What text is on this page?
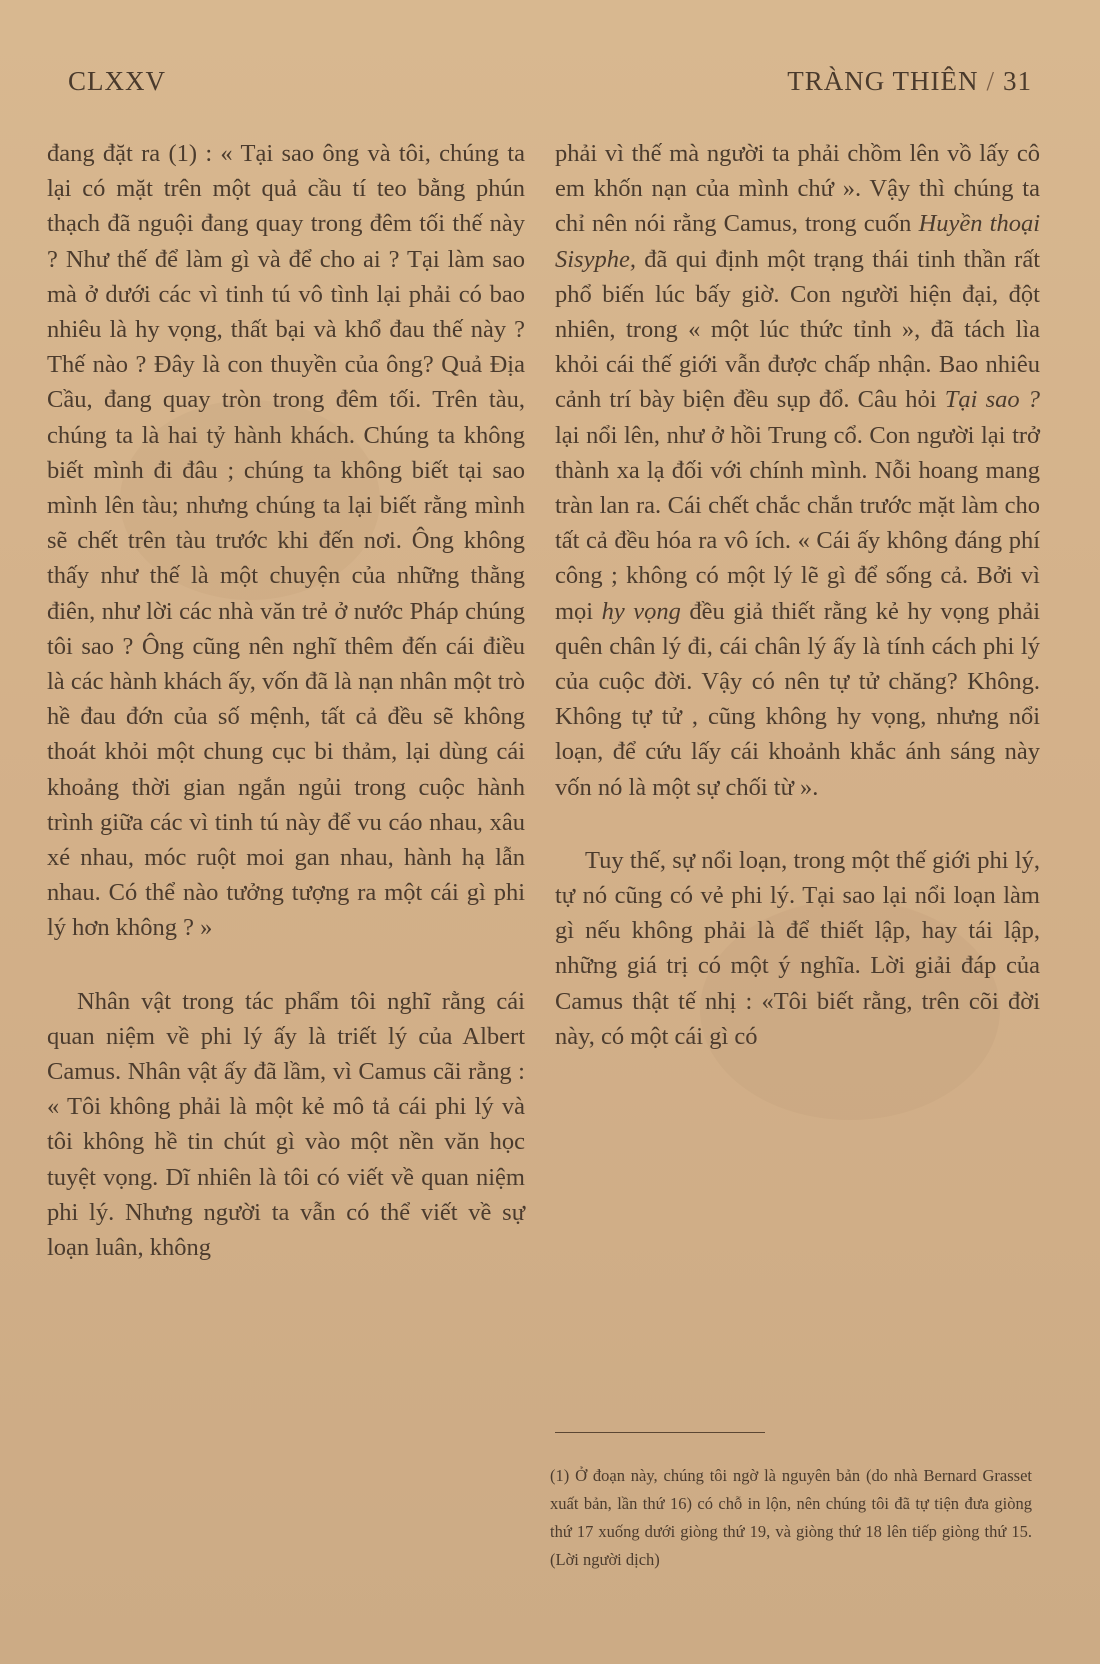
CLXXV	TRÀNG THIÊN / 31

đang đặt ra (1) : « Tại sao ông và tôi, chúng ta lại có mặt trên một quả cầu tí teo bằng phún thạch đã nguội đang quay trong đêm tối thế này ? Như thế để làm gì và để cho ai ? Tại làm sao mà ở dưới các vì tinh tú vô tình lại phải có bao nhiêu là hy vọng, thất bại và khổ đau thế này ? Thế nào ? Đây là con thuyền của ông? Quả Địa Cầu, đang quay tròn trong đêm tối. Trên tàu, chúng ta là hai tỷ hành khách. Chúng ta không biết mình đi đâu ; chúng ta không biết tại sao mình lên tàu; nhưng chúng ta lại biết rằng mình sẽ chết trên tàu trước khi đến nơi. Ông không thấy như thế là một chuyện của những thằng điên, như lời các nhà văn trẻ ở nước Pháp chúng tôi sao ? Ông cũng nên nghĩ thêm đến cái điều là các hành khách ấy, vốn đã là nạn nhân một trò hề đau đớn của số mệnh, tất cả đều sẽ không thoát khỏi một chung cục bi thảm, lại dùng cái khoảng thời gian ngắn ngủi trong cuộc hành trình giữa các vì tinh tú này để vu cáo nhau, xâu xé nhau, móc ruột moi gan nhau, hành hạ lẫn nhau. Có thể nào tưởng tượng ra một cái gì phi lý hơn không ? »

Nhân vật trong tác phẩm tôi nghĩ rằng cái quan niệm về phi lý ấy là triết lý của Albert Camus. Nhân vật ấy đã lầm, vì Camus cãi rằng : « Tôi không phải là một kẻ mô tả cái phi lý và tôi không hề tin chút gì vào một nền văn học tuyệt vọng. Dĩ nhiên là tôi có viết về quan niệm phi lý. Nhưng người ta vẫn có thể viết về sự loạn luân, không

phải vì thế mà người ta phải chồm lên vồ lấy cô em khốn nạn của mình chứ ». Vậy thì chúng ta chỉ nên nói rằng Camus, trong cuốn Huyền thoại Sisyphe, đã qui định một trạng thái tinh thần rất phổ biến lúc bấy giờ. Con người hiện đại, đột nhiên, trong « một lúc thức tỉnh », đã tách lìa khỏi cái thế giới vẫn được chấp nhận. Bao nhiêu cảnh trí bày biện đều sụp đổ. Câu hỏi Tại sao ? lại nổi lên, như ở hồi Trung cổ. Con người lại trở thành xa lạ đối với chính mình. Nỗi hoang mang tràn lan ra. Cái chết chắc chắn trước mặt làm cho tất cả đều hóa ra vô ích. « Cái ấy không đáng phí công ; không có một lý lẽ gì để sống cả. Bởi vì mọi hy vọng đều giả thiết rằng kẻ hy vọng phải quên chân lý đi, cái chân lý ấy là tính cách phi lý của cuộc đời. Vậy có nên tự tử chăng? Không. Không tự tử , cũng không hy vọng, nhưng nổi loạn, để cứu lấy cái khoảnh khắc ánh sáng này vốn nó là một sự chối từ ».

Tuy thế, sự nổi loạn, trong một thế giới phi lý, tự nó cũng có vẻ phi lý. Tại sao lại nổi loạn làm gì nếu không phải là để thiết lập, hay tái lập, những giá trị có một ý nghĩa. Lời giải đáp của Camus thật tế nhị : «Tôi biết rằng, trên cõi đời này, có một cái gì có

(1) Ở đoạn này, chúng tôi ngờ là nguyên bản (do nhà Bernard Grasset xuất bản, lần thứ 16) có chỗ in lộn, nên chúng tôi đã tự tiện đưa giòng thứ 17 xuống dưới giòng thứ 19, và giòng thứ 18 lên tiếp giòng thứ 15. (Lời người dịch)
